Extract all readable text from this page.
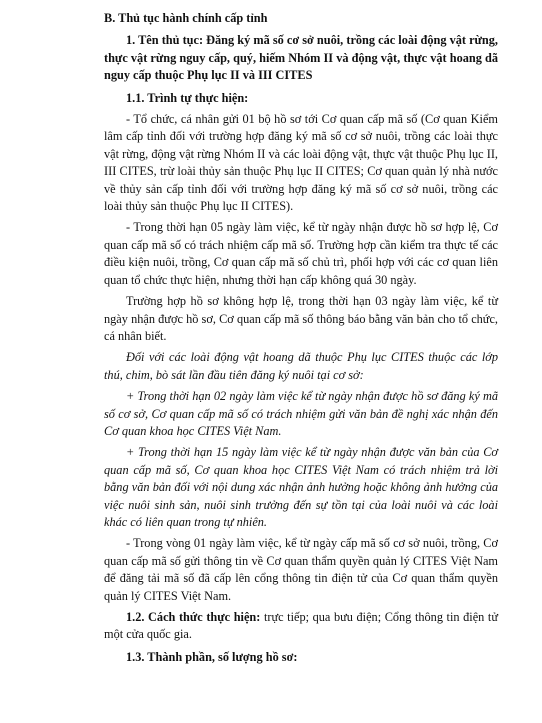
B. Thủ tục hành chính cấp tỉnh

1. Tên thủ tục: Đăng ký mã số cơ sở nuôi, trồng các loài động vật rừng, thực vật rừng nguy cấp, quý, hiếm Nhóm II và động vật, thực vật hoang dã nguy cấp thuộc Phụ lục II và III CITES

1.1. Trình tự thực hiện:

- Tổ chức, cá nhân gửi 01 bộ hồ sơ tới Cơ quan cấp mã số (Cơ quan Kiểm lâm cấp tỉnh đối với trường hợp đăng ký mã số cơ sở nuôi, trồng các loài thực vật rừng, động vật rừng Nhóm II và các loài động vật, thực vật thuộc Phụ lục II, III CITES, trừ loài thủy sản thuộc Phụ lục II CITES; Cơ quan quản lý nhà nước về thủy sản cấp tỉnh đối với trường hợp đăng ký mã số cơ sở nuôi, trồng các loài thủy sản thuộc Phụ lục II CITES).

- Trong thời hạn 05 ngày làm việc, kể từ ngày nhận được hồ sơ hợp lệ, Cơ quan cấp mã số có trách nhiệm cấp mã số. Trường hợp cần kiểm tra thực tế các điều kiện nuôi, trồng, Cơ quan cấp mã số chủ trì, phối hợp với các cơ quan liên quan tổ chức thực hiện, nhưng thời hạn cấp không quá 30 ngày.

Trường hợp hồ sơ không hợp lệ, trong thời hạn 03 ngày làm việc, kể từ ngày nhận được hồ sơ, Cơ quan cấp mã số thông báo bằng văn bản cho tổ chức, cá nhân biết.

Đối với các loài động vật hoang dã thuộc Phụ lục CITES thuộc các lớp thú, chim, bò sát lần đầu tiên đăng ký nuôi tại cơ sở:

+ Trong thời hạn 02 ngày làm việc kể từ ngày nhận được hồ sơ đăng ký mã số cơ sở, Cơ quan cấp mã số có trách nhiệm gửi văn bản đề nghị xác nhận đến Cơ quan khoa học CITES Việt Nam.

+ Trong thời hạn 15 ngày làm việc kể từ ngày nhận được văn bản của Cơ quan cấp mã số, Cơ quan khoa học CITES Việt Nam có trách nhiệm trả lời bằng văn bản đối với nội dung xác nhận ảnh hưởng hoặc không ảnh hưởng của việc nuôi sinh sản, nuôi sinh trưởng đến sự tồn tại của loài nuôi và các loài khác có liên quan trong tự nhiên.

- Trong vòng 01 ngày làm việc, kể từ ngày cấp mã số cơ sở nuôi, trồng, Cơ quan cấp mã số gửi thông tin về Cơ quan thẩm quyền quản lý CITES Việt Nam để đăng tải mã số đã cấp lên cổng thông tin điện tử của Cơ quan thẩm quyền quản lý CITES Việt Nam.

1.2. Cách thức thực hiện: trực tiếp; qua bưu điện; Cổng thông tin điện tử một cửa quốc gia.

1.3. Thành phần, số lượng hồ sơ:
